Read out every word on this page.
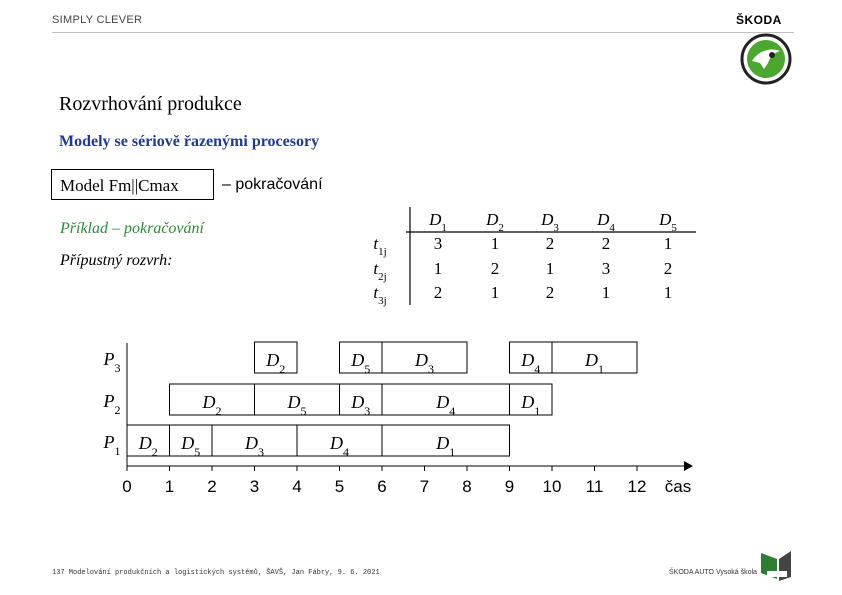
SIMPLY CLEVER	ŠKODA
Rozvrhování produkce
Modely se sériově řazenými procesory
Model Fm||Cmax	– pokračování
Příklad – pokračování
Přípustný rozvrh:
$D_1$ $D_2$ $D_3$ $D_4$	$D_5$
$t_{1j}$	3	1	2	2	1
$t_{2j}$	1	2	1	3	2
$t_{3j}$	2	1	2	1	1
0 1 2 3 4 5 6 7 8 9 10 11 12 čas
$P_3$	$D_2$	$D_5$ $D_3$	$D_4$ $D_1$
$P_2$	$D_2$	$D_5$ $D_3$	$D_4$	$D_1$
$P_1$ $D_2$ $D_5$ $D_3$	$D_4$	$D_1$
137 Modelování produkčních a logistických systémů, ŠAVŠ, Jan Fábry, 9. 6. 2021	ŠKODA AUTO Vysoká škola
